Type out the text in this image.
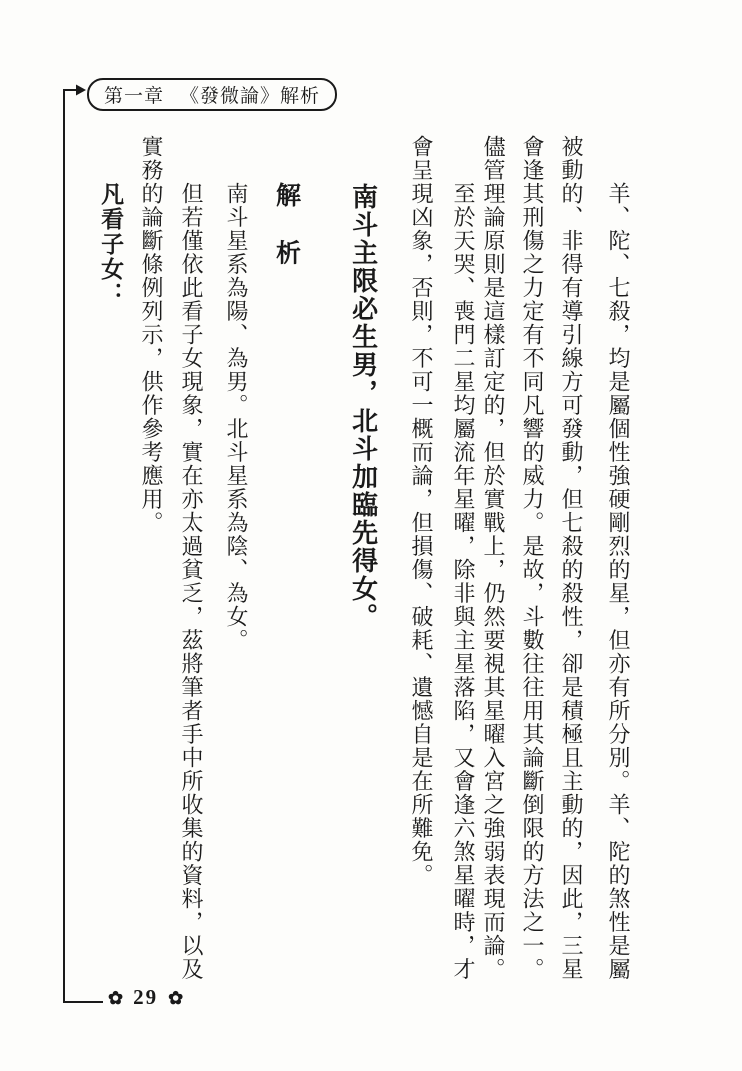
第一章 《發微論》解析
羊、陀、七殺，均是屬個性強硬剛烈的星，但亦有所分別。羊、陀的煞性是屬
被動的、非得有導引線方可發動，但七殺的殺性，卻是積極且主動的，因此，三星
會逢其刑傷之力定有不同凡響的威力。是故，斗數往往用其論斷倒限的方法之一。
儘管理論原則是這樣訂定的，但於實戰上，仍然要視其星曜入宮之強弱表現而論。
至於天哭、喪門二星均屬流年星曜，除非與主星落陷，又會逢六煞星曜時，才
會呈現凶象，否則，不可一概而論，但損傷、破耗、遺憾自是在所難免。
南斗主限必生男，北斗加臨先得女。
解析
南斗星系為陽、為男。北斗星系為陰、為女。
但若僅依此看子女現象，實在亦太過貧乏，茲將筆者手中所收集的資料，以及
實務的論斷條例列示，供作參考應用。
凡看子女：
✿ 29 ✿
